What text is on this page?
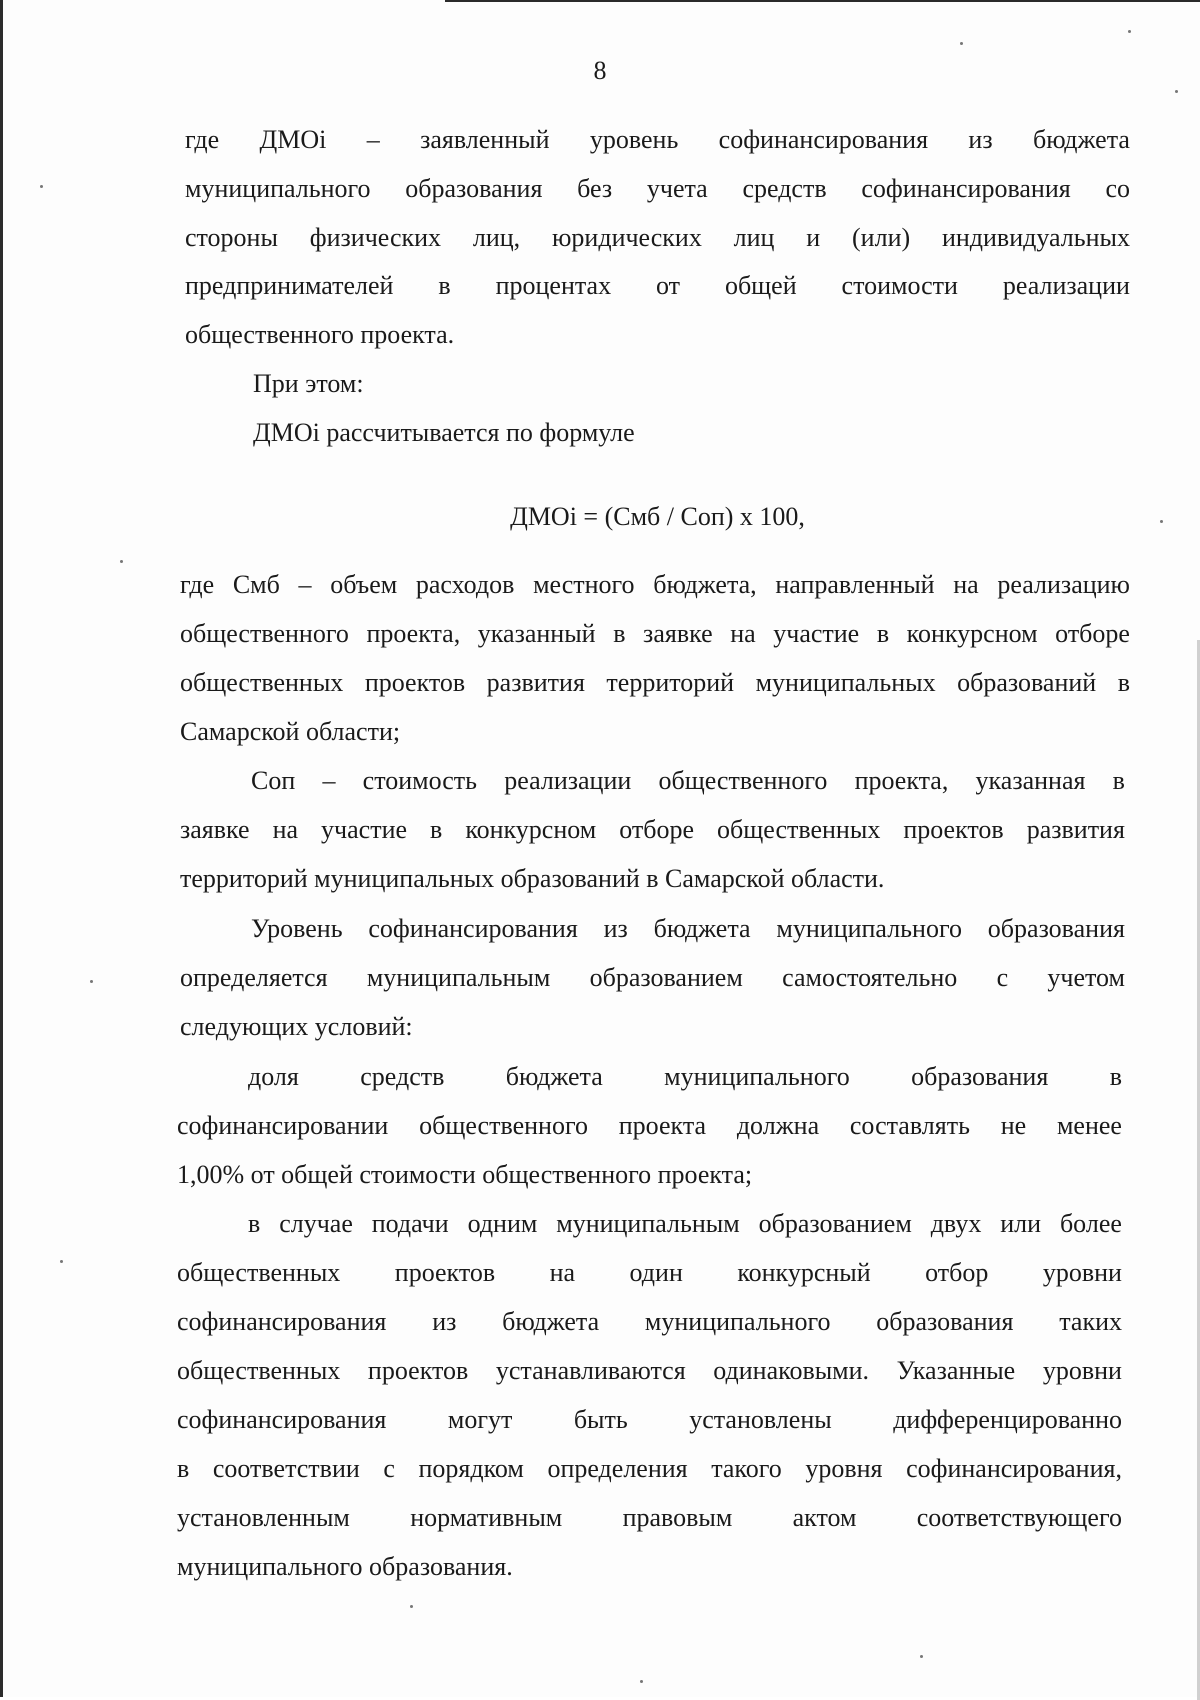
8
где ДМОi – заявленный уровень софинансирования из бюджета
муниципального образования без учета средств софинансирования со
стороны физических лиц, юридических лиц и (или) индивидуальных
предпринимателей в процентах от общей стоимости реализации
общественного проекта.
При этом:
ДМОi рассчитывается по формуле
ДМОi = (Смб / Соп) х 100,
где Смб – объем расходов местного бюджета, направленный на реализацию
общественного проекта, указанный в заявке на участие в конкурсном отборе
общественных проектов развития территорий муниципальных образований в
Самарской области;
Соп – стоимость реализации общественного проекта, указанная в
заявке на участие в конкурсном отборе общественных проектов развития
территорий муниципальных образований в Самарской области.
Уровень софинансирования из бюджета муниципального образования
определяется муниципальным образованием самостоятельно с учетом
следующих условий:
доля средств бюджета муниципального образования в
софинансировании общественного проекта должна составлять не менее
1,00% от общей стоимости общественного проекта;
в случае подачи одним муниципальным образованием двух или более
общественных проектов на один конкурсный отбор уровни
софинансирования из бюджета муниципального образования таких
общественных проектов устанавливаются одинаковыми. Указанные уровни
софинансирования могут быть установлены дифференцированно
в соответствии с порядком определения такого уровня софинансирования,
установленным нормативным правовым актом соответствующего
муниципального образования.
